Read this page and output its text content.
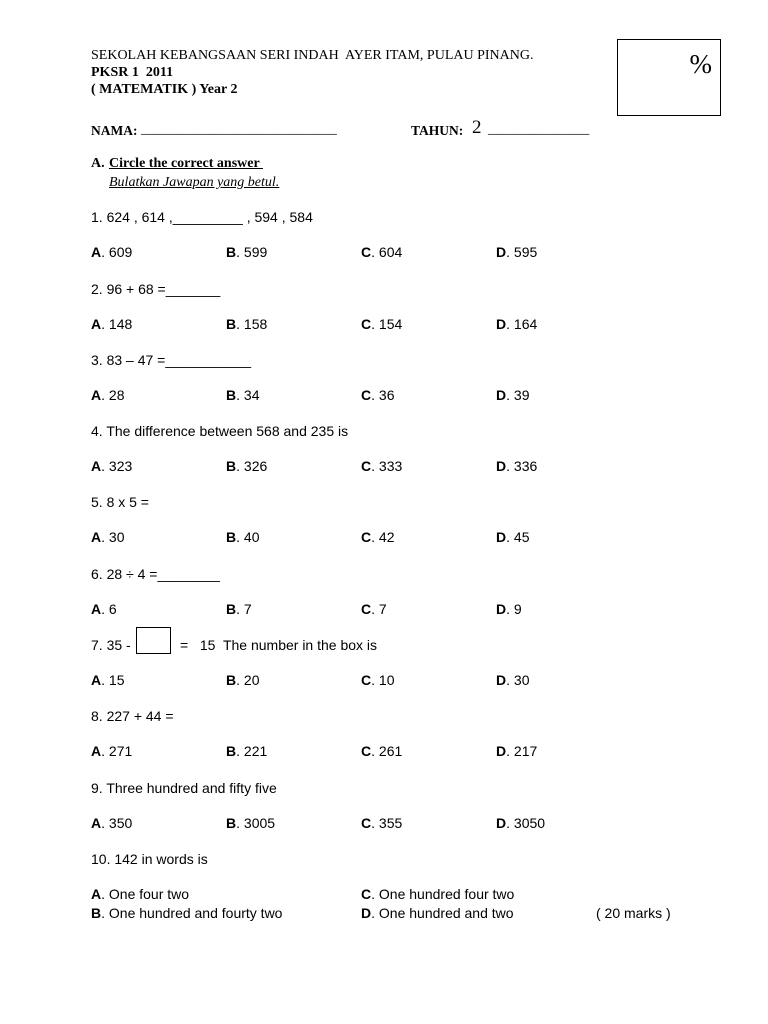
SEKOLAH KEBANGSAAN SERI INDAH  AYER ITAM, PULAU PINANG.
PKSR 1  2011
( MATEMATIK ) Year 2

%

NAMA: _____________________________	TAHUN: 2 _______________
A. Circle the correct answer
Bulatkan Jawapan yang betul.
1. 624 , 614 ,_________ , 594 , 584
A. 609	B. 599	C. 604	D. 595
2. 96 + 68 =_______
A. 148	B. 158	C. 154	D. 164
3. 83 – 47 =___________
A. 28	B. 34	C. 36	D. 39
4. The difference between 568 and 235 is
A. 323	B. 326	C. 333	D. 336
5. 8 x 5 =
A. 30	B. 40	C. 42	D. 45
6. 28 ÷ 4 =________
A. 6	B. 7	C. 7	D. 9
7. 35 -	=   15  The number in the box is
A. 15	B. 20	C. 10	D. 30
8. 227 + 44 =
A. 271	B. 221	C. 261	D. 217
9. Three hundred and fifty five
A. 350	B. 3005	C. 355	D. 3050
10. 142 in words is
A. One four two	C. One hundred four two
B. One hundred and fourty two	D. One hundred and two	( 20 marks )
